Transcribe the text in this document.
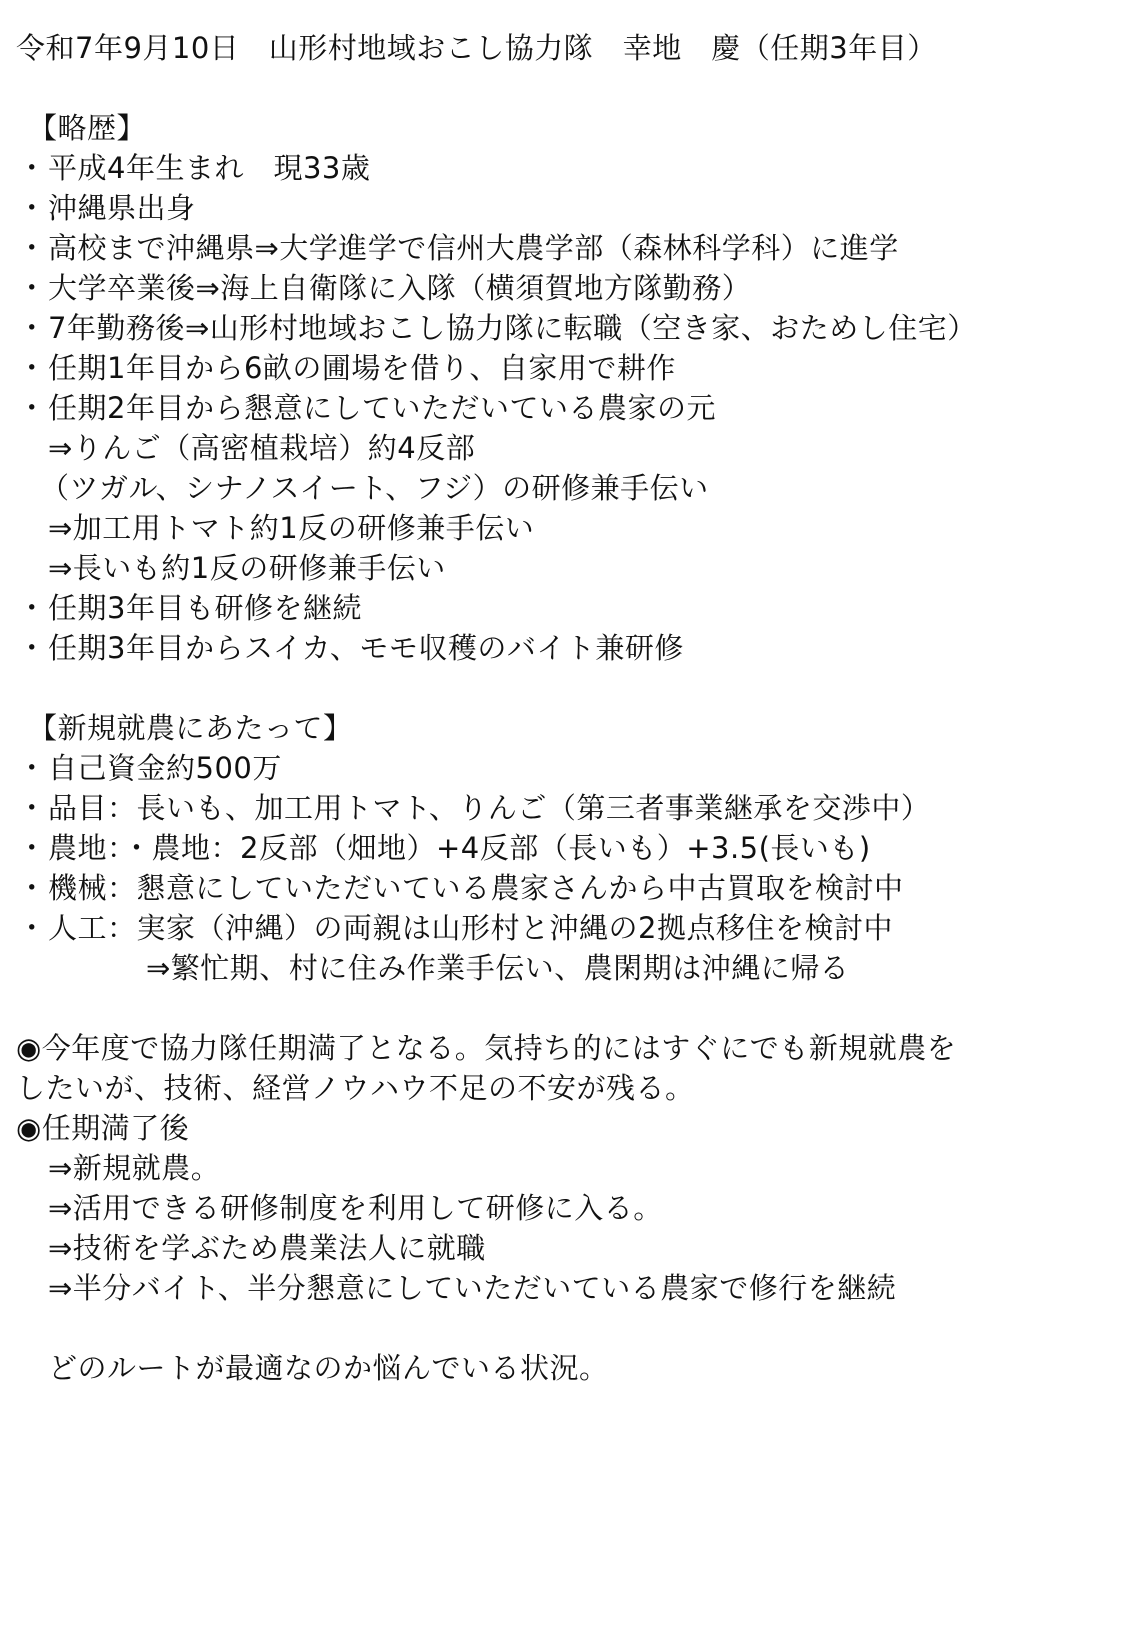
令和7年9月10日　山形村地域おこし協力隊　幸地　慶（任期3年目）
【略歴】
・平成4年生まれ　現33歳
・沖縄県出身
・高校まで沖縄県⇒大学進学で信州大農学部（森林科学科）に進学
・大学卒業後⇒海上自衛隊に入隊（横須賀地方隊勤務）
・7年勤務後⇒山形村地域おこし協力隊に転職（空き家、おためし住宅）
・任期1年目から6畝の圃場を借り、自家用で耕作
・任期2年目から懇意にしていただいている農家の元
⇒りんご（高密植栽培）約4反部
（ツガル、シナノスイート、フジ）の研修兼手伝い
⇒加工用トマト約1反の研修兼手伝い
⇒長いも約1反の研修兼手伝い
・任期3年目も研修を継続
・任期3年目からスイカ、モモ収穫のバイト兼研修
【新規就農にあたって】
・自己資金約500万
・品目：長いも、加工用トマト、りんご（第三者事業継承を交渉中）
・農地：・農地：2反部（畑地）+4反部（長いも）+3.5(長いも)
・機械：懇意にしていただいている農家さんから中古買取を検討中
・人工：実家（沖縄）の両親は山形村と沖縄の2拠点移住を検討中
⇒繁忙期、村に住み作業手伝い、農閑期は沖縄に帰る
◉今年度で協力隊任期満了となる。気持ち的にはすぐにでも新規就農を
したいが、技術、経営ノウハウ不足の不安が残る。
◉任期満了後
⇒新規就農。
⇒活用できる研修制度を利用して研修に入る。
⇒技術を学ぶため農業法人に就職
⇒半分バイト、半分懇意にしていただいている農家で修行を継続
どのルートが最適なのか悩んでいる状況。
